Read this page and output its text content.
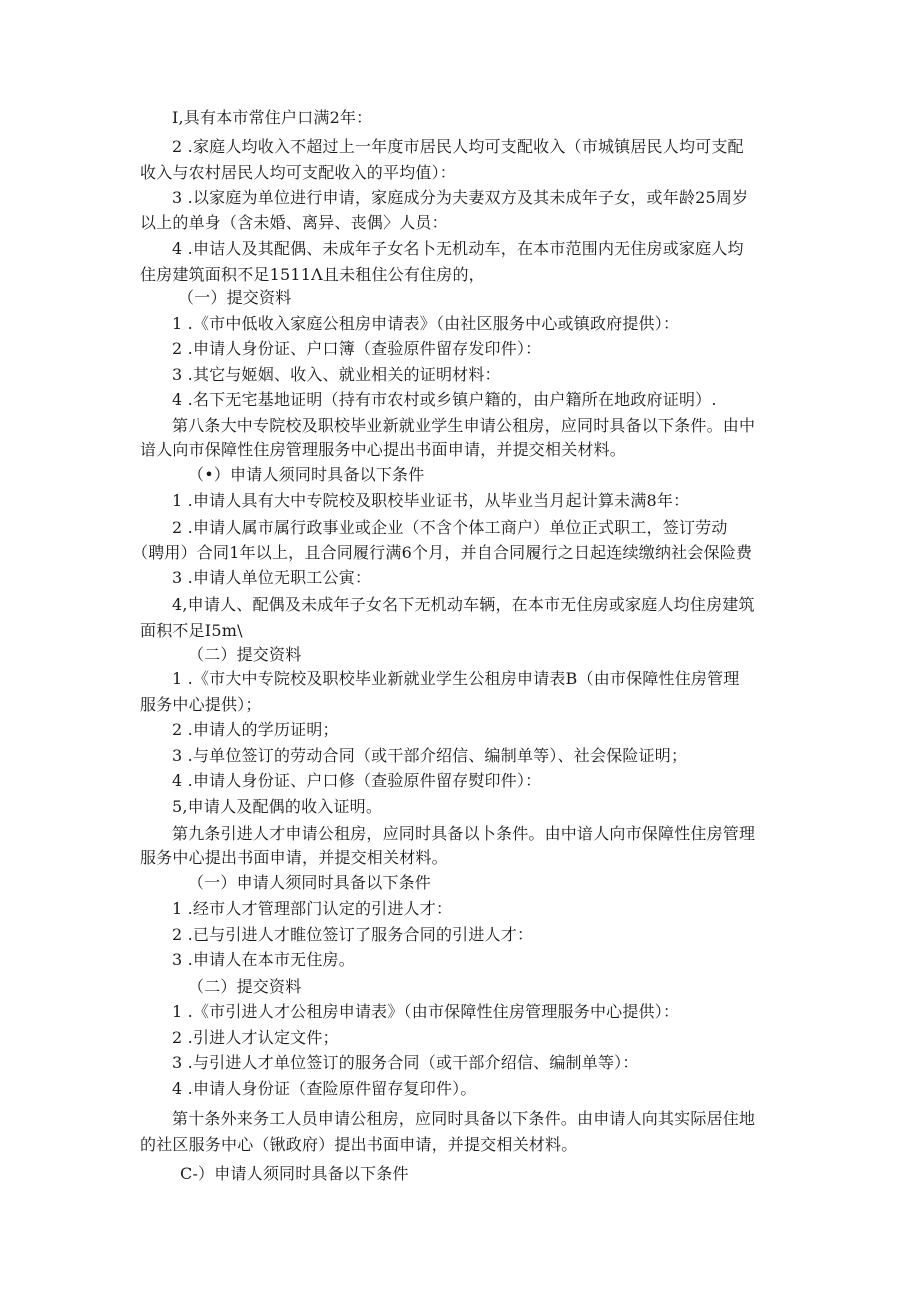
I,具有本市常住户口满2年：
2 .家庭人均收入不超过上一年度市居民人均可支配收入（市城镇居民人均可支配
收入与农村居民人均可支配收入的平均值）：
3 .以家庭为单位进行申请，家庭成分为夫妻双方及其未成年子女，或年龄25周岁
以上的单身（含未婚、离异、丧偶〉人员：
4 .申诘人及其配偶、未成年子女名卜无机动车，在本市范围内无住房或家庭人均
住房建筑面积不足1511Λ且未租住公有住房的，
（一）提交资料
1 .《市中低收入家庭公租房申请表》（由社区服务中心或镇政府提供）：
2 .申请人身份证、户口簿（查验原件留存发印件）：
3 .其它与姬姻、收入、就业相关的证明材料：
4 .名下无宅基地证明（持有市农村或乡镇户籍的，由户籍所在地政府证明）.
第八条大中专院校及职校毕业新就业学生申请公租房，应同时具备以下条件。由中
谙人向市保障性住房管理服务中心提出书面申请，并提交相关材料。
（•）申请人须同时具备以下条件
1 .申请人具有大中专院校及职校毕业证书，从毕业当月起计算未满8年：
2 .申请人属市属行政事业或企业（不含个体工商户）单位正式职工，签订劳动
（聘用）合同1年以上，且合同履行满6个月，并自合同履行之日起连续缴纳社会保险费
3 .申请人单位无职工公寅：
4,申请人、配偶及未成年子女名下无机动车辆，在本市无住房或家庭人均住房建筑
面积不足I5m\
（二）提交资料
1 .《市大中专院校及职校毕业新就业学生公租房申请表B（由市保障性住房管理
服务中心提供）；
2 .申请人的学历证明；
3 .与单位签订的劳动合同（或干部介绍信、编制单等）、社会保险证明；
4 .申请人身份证、户口修（查验原件留存熨印件）：
5,申请人及配偶的收入证明。
第九条引进人才申请公租房，应同时具备以卜条件。由中谙人向市保障性住房管理
服务中心提出书面申请，并提交相关材料。
（一）申请人须同时具备以下条件
1 .经市人才管理部门认定的引进人才：
2 .已与引进人才睢位签订了服务合同的引进人才：
3 .申请人在本市无住房。
（二）提交资料
1 .《市引进人才公租房申请表》（由市保障性住房管理服务中心提供）：
2 .引进人才认定文件；
3 .与引进人才单位签订的服务合同（或干部介绍信、编制单等）：
4 .申请人身份证（查险原件留存复印件）。
第十条外来务工人员申请公租房，应同时具备以下条件。由申请人向其实际居住地
的社区服务中心（锹政府）提出书面申请，并提交相关材料。
C-）申请人须同时具备以下条件
